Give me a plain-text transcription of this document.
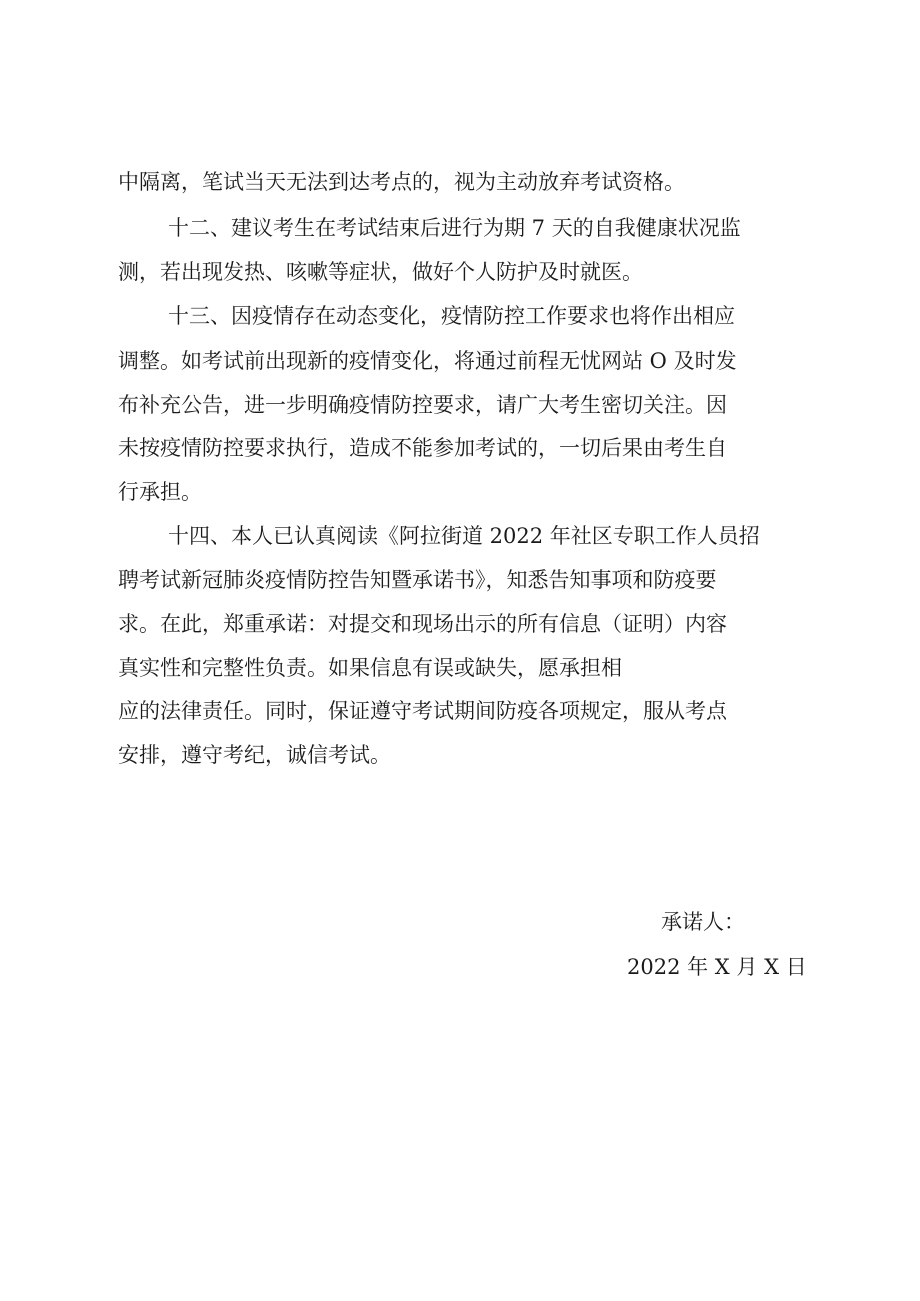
中隔离，笔试当天无法到达考点的，视为主动放弃考试资格。
十二、建议考生在考试结束后进行为期 7 天的自我健康状况监
测，若出现发热、咳嗽等症状，做好个人防护及时就医。
十三、因疫情存在动态变化，疫情防控工作要求也将作出相应
调整。如考试前出现新的疫情变化，将通过前程无忧网站 O 及时发
布补充公告，进一步明确疫情防控要求，请广大考生密切关注。因
未按疫情防控要求执行，造成不能参加考试的，一切后果由考生自
行承担。
十四、本人已认真阅读《阿拉街道 2022 年社区专职工作人员招
聘考试新冠肺炎疫情防控告知暨承诺书》，知悉告知事项和防疫要
求。在此，郑重承诺：对提交和现场出示的所有信息（证明）内容
真实性和完整性负责。如果信息有误或缺失，愿承担相
应的法律责任。同时，保证遵守考试期间防疫各项规定，服从考点
安排，遵守考纪，诚信考试。
承诺人：
2022 年 X 月 X 日
